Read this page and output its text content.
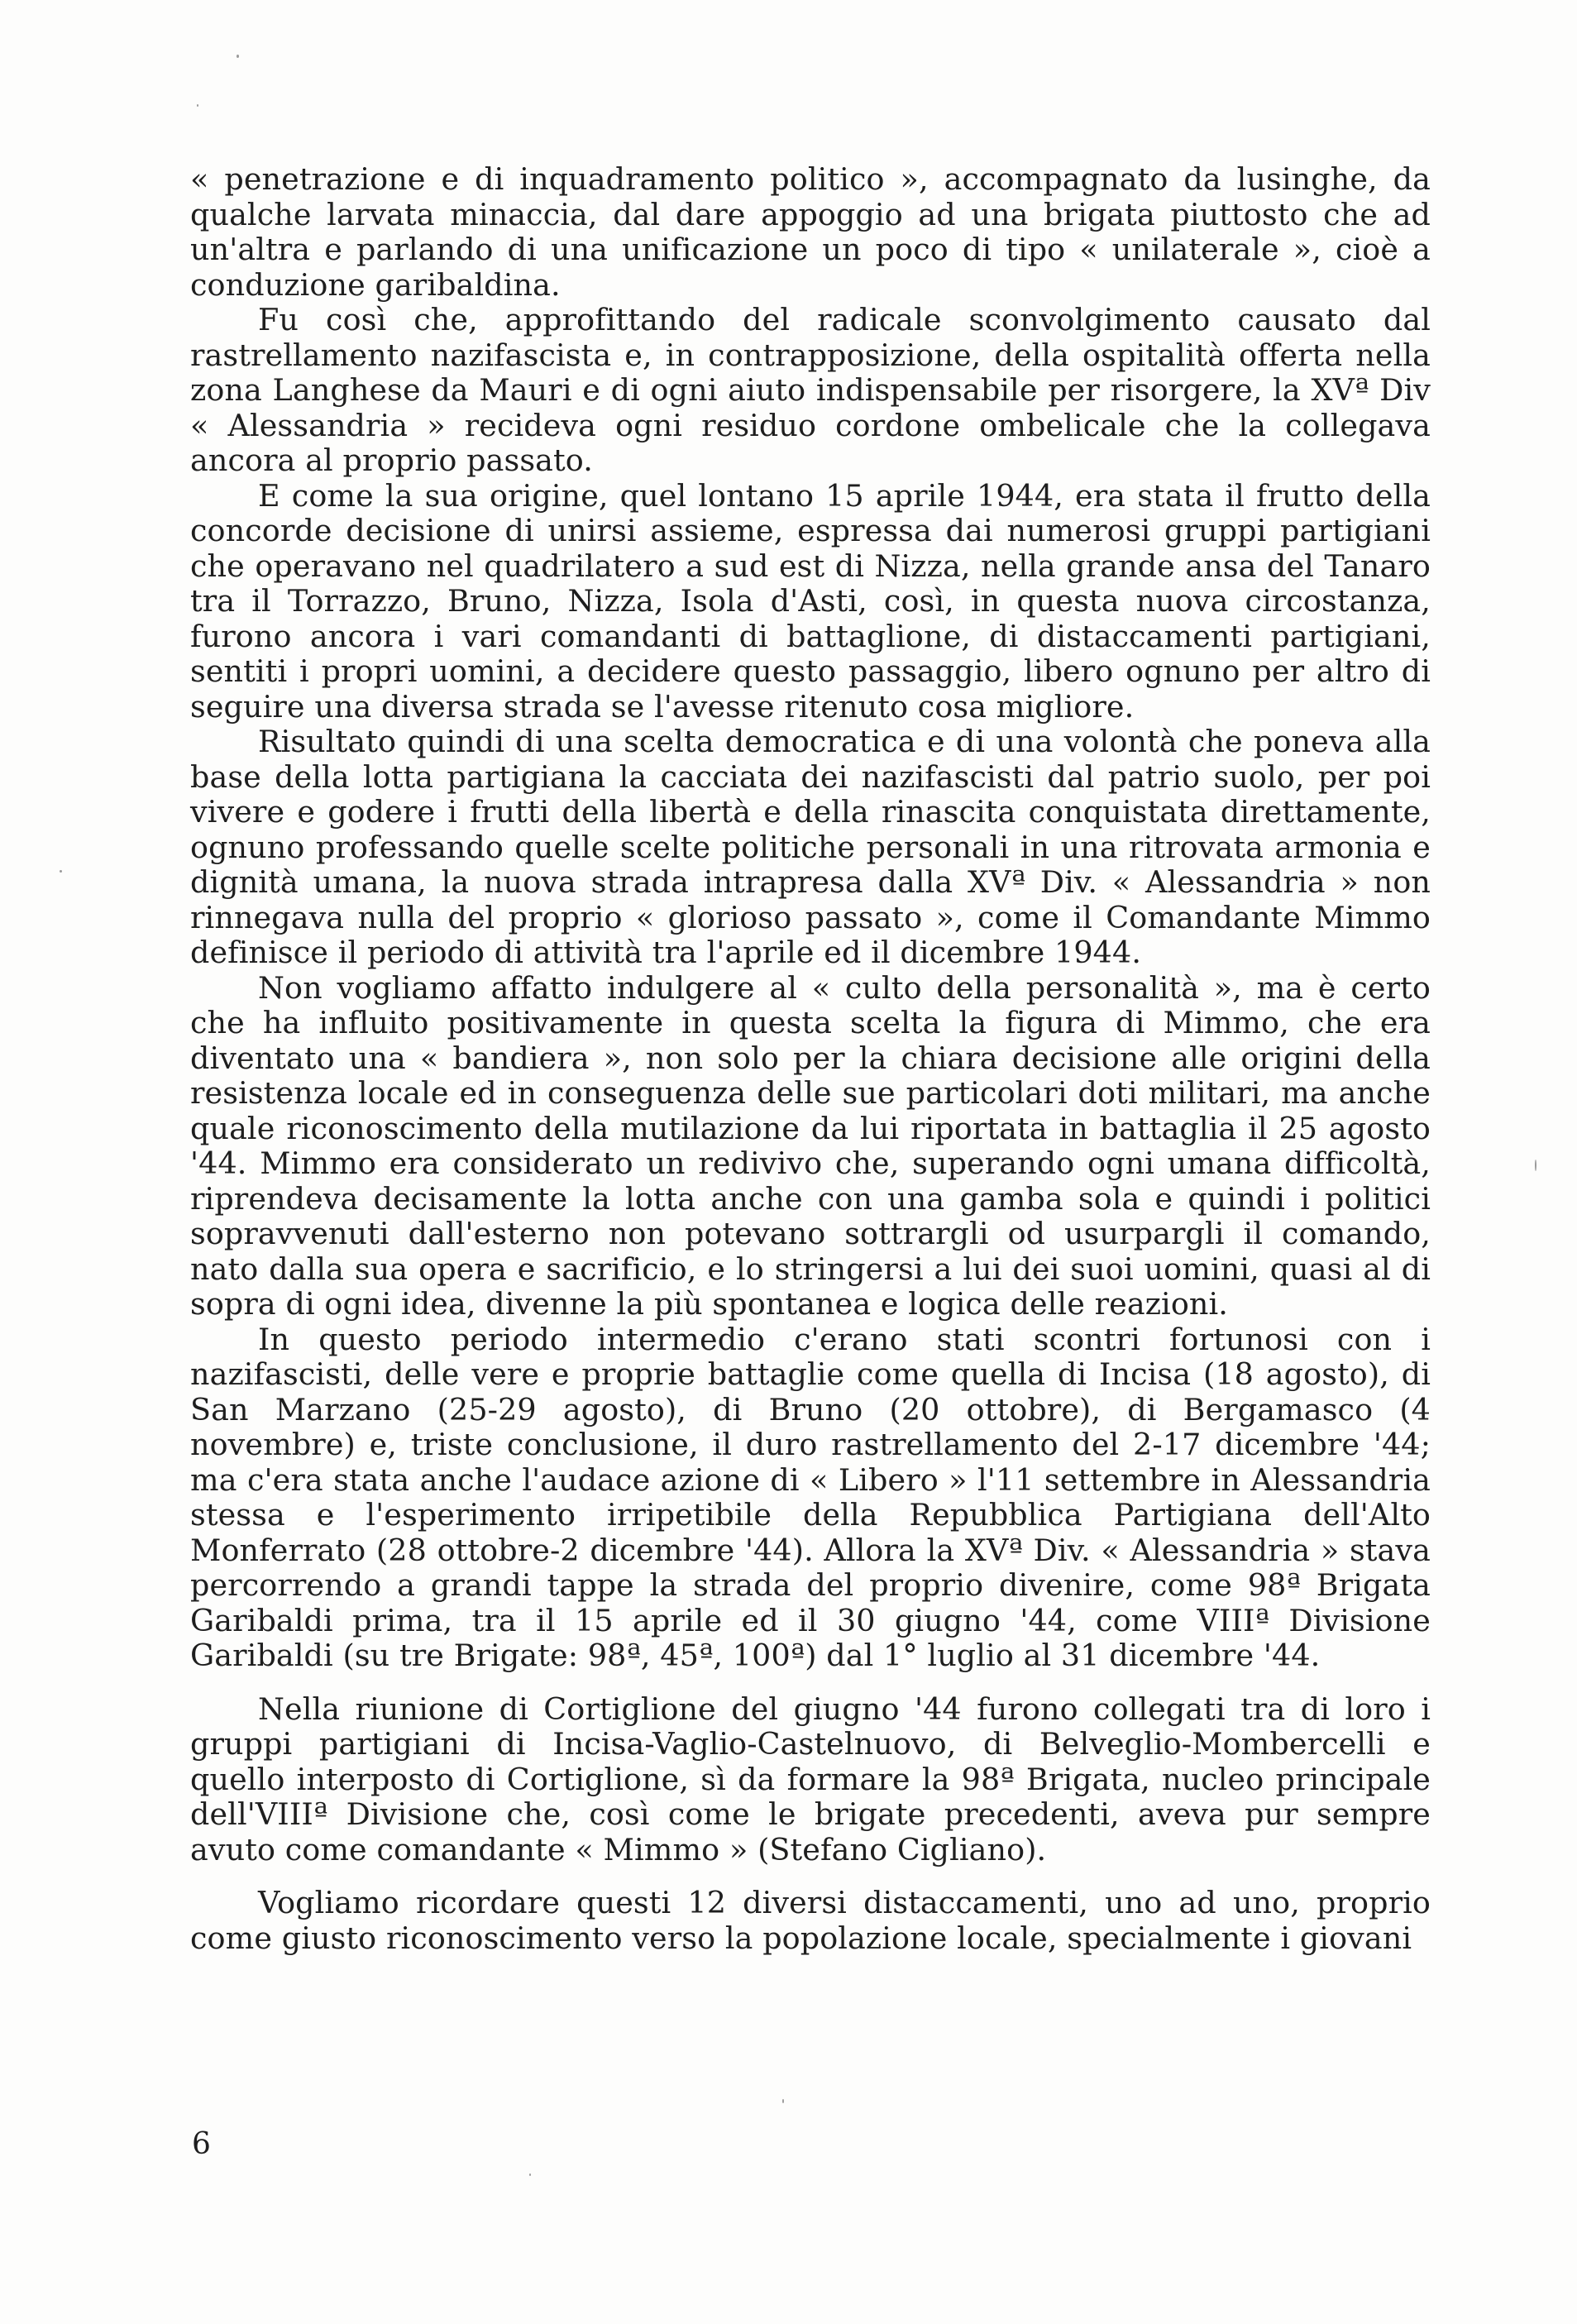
« penetrazione e di inquadramento politico », accompagnato da lusinghe, da qualche larvata minaccia, dal dare appoggio ad una brigata piuttosto che ad un'altra e parlando di una unificazione un poco di tipo « unilaterale », cioè a conduzione garibaldina.

Fu così che, approfittando del radicale sconvolgimento causato dal rastrellamento nazifascista e, in contrapposizione, della ospitalità offerta nella zona Langhese da Mauri e di ogni aiuto indispensabile per risorgere, la XVª Div « Alessandria » recideva ogni residuo cordone ombelicale che la collegava ancora al proprio passato.

E come la sua origine, quel lontano 15 aprile 1944, era stata il frutto della concorde decisione di unirsi assieme, espressa dai numerosi gruppi partigiani che operavano nel quadrilatero a sud est di Nizza, nella grande ansa del Tanaro tra il Torrazzo, Bruno, Nizza, Isola d'Asti, così, in questa nuova circostanza, furono ancora i vari comandanti di battaglione, di distaccamenti partigiani, sentiti i propri uomini, a decidere questo passaggio, libero ognuno per altro di seguire una diversa strada se l'avesse ritenuto cosa migliore.

Risultato quindi di una scelta democratica e di una volontà che poneva alla base della lotta partigiana la cacciata dei nazifascisti dal patrio suolo, per poi vivere e godere i frutti della libertà e della rinascita conquistata direttamente, ognuno professando quelle scelte politiche personali in una ritrovata armonia e dignità umana, la nuova strada intrapresa dalla XVª Div. « Alessandria » non rinnegava nulla del proprio « glorioso passato », come il Comandante Mimmo definisce il periodo di attività tra l'aprile ed il dicembre 1944.

Non vogliamo affatto indulgere al « culto della personalità », ma è certo che ha influito positivamente in questa scelta la figura di Mimmo, che era diventato una « bandiera », non solo per la chiara decisione alle origini della resistenza locale ed in conseguenza delle sue particolari doti militari, ma anche quale riconoscimento della mutilazione da lui riportata in battaglia il 25 agosto '44. Mimmo era considerato un redivivo che, superando ogni umana difficoltà, riprendeva decisamente la lotta anche con una gamba sola e quindi i politici sopravvenuti dall'esterno non potevano sottrargli od usurpargli il comando, nato dalla sua opera e sacrificio, e lo stringersi a lui dei suoi uomini, quasi al di sopra di ogni idea, divenne la più spontanea e logica delle reazioni.

In questo periodo intermedio c'erano stati scontri fortunosi con i nazifascisti, delle vere e proprie battaglie come quella di Incisa (18 agosto), di San Marzano (25-29 agosto), di Bruno (20 ottobre), di Bergamasco (4 novembre) e, triste conclusione, il duro rastrellamento del 2-17 dicembre '44; ma c'era stata anche l'audace azione di « Libero » l'11 settembre in Alessandria stessa e l'esperimento irripetibile della Repubblica Partigiana dell'Alto Monferrato (28 ottobre-2 dicembre '44). Allora la XVª Div. « Alessandria » stava percorrendo a grandi tappe la strada del proprio divenire, come 98ª Brigata Garibaldi prima, tra il 15 aprile ed il 30 giugno '44, come VIIIª Divisione Garibaldi (su tre Brigate: 98ª, 45ª, 100ª) dal 1° luglio al 31 dicembre '44.

Nella riunione di Cortiglione del giugno '44 furono collegati tra di loro i gruppi partigiani di Incisa-Vaglio-Castelnuovo, di Belveglio-Mombercelli e quello interposto di Cortiglione, sì da formare la 98ª Brigata, nucleo principale dell'VIIIª Divisione che, così come le brigate precedenti, aveva pur sempre avuto come comandante « Mimmo » (Stefano Cigliano).

Vogliamo ricordare questi 12 diversi distaccamenti, uno ad uno, proprio come giusto riconoscimento verso la popolazione locale, specialmente i giovani

6
